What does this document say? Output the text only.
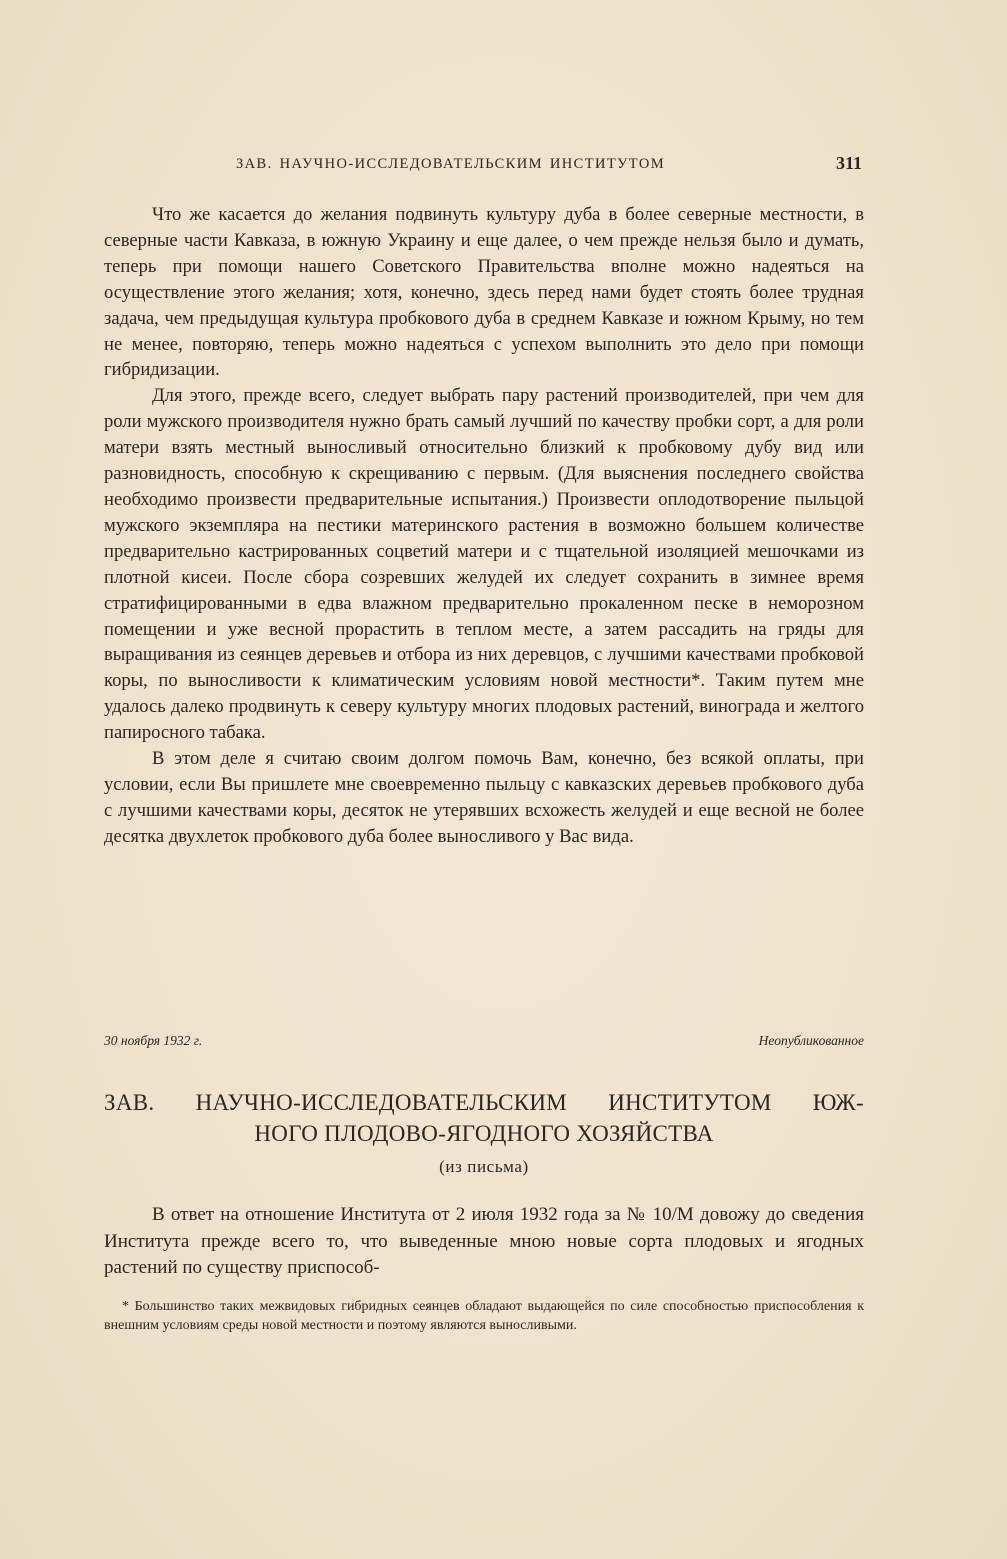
ЗАВ. НАУЧНО-ИССЛЕДОВАТЕЛЬСКИМ ИНСТИТУТОМ	311

Что же касается до желания подвинуть культуру дуба в более северные местности, в северные части Кавказа, в южную Украину и еще далее, о чем прежде нельзя было и думать, теперь при помощи нашего Советского Правительства вполне можно надеяться на осуществление этого желания; хотя, конечно, здесь перед нами будет стоять более трудная задача, чем предыдущая культура пробкового дуба в среднем Кавказе и южном Крыму, но тем не менее, повторяю, теперь можно надеяться с успехом выполнить это дело при помощи гибридизации.

Для этого, прежде всего, следует выбрать пару растений производителей, при чем для роли мужского производителя нужно брать самый лучший по качеству пробки сорт, а для роли матери взять местный выносливый относительно близкий к пробковому дубу вид или разновидность, способную к скрещиванию с первым. (Для выяснения последнего свойства необходимо произвести предварительные испытания.) Произвести оплодотворение пыльцой мужского экземпляра на пестики материнского растения в возможно большем количестве предварительно кастрированных соцветий матери и с тщательной изоляцией мешочками из плотной кисеи. После сбора созревших желудей их следует сохранить в зимнее время стратифицированными в едва влажном предварительно прокаленном песке в неморозном помещении и уже весной прорастить в теплом месте, а затем рассадить на гряды для выращивания из сеянцев деревьев и отбора из них деревцов, с лучшими качествами пробковой коры, по выносливости к климатическим условиям новой местности*. Таким путем мне удалось далеко продвинуть к северу культуру многих плодовых растений, винограда и желтого папиросного табака.

В этом деле я считаю своим долгом помочь Вам, конечно, без всякой оплаты, при условии, если Вы пришлете мне своевременно пыльцу с кавказских деревьев пробкового дуба с лучшими качествами коры, десяток не утерявших всхожесть желудей и еще весной не более десятка двухлеток пробкового дуба более выносливого у Вас вида.

30 ноября 1932 г.	Неопубликованное
ЗАВ. НАУЧНО-ИССЛЕДОВАТЕЛЬСКИМ ИНСТИТУТОМ ЮЖ-
НОГО ПЛОДОВО-ЯГОДНОГО ХОЗЯЙСТВА
(из письма)

В ответ на отношение Института от 2 июля 1932 года за № 10/М довожу до сведения Института прежде всего то, что выведенные мною новые сорта плодовых и ягодных растений по существу приспособ-

* Большинство таких межвидовых гибридных сеянцев обладают выдающейся по силе способностью приспособления к внешним условиям среды новой местности и поэтому являются выносливыми.
